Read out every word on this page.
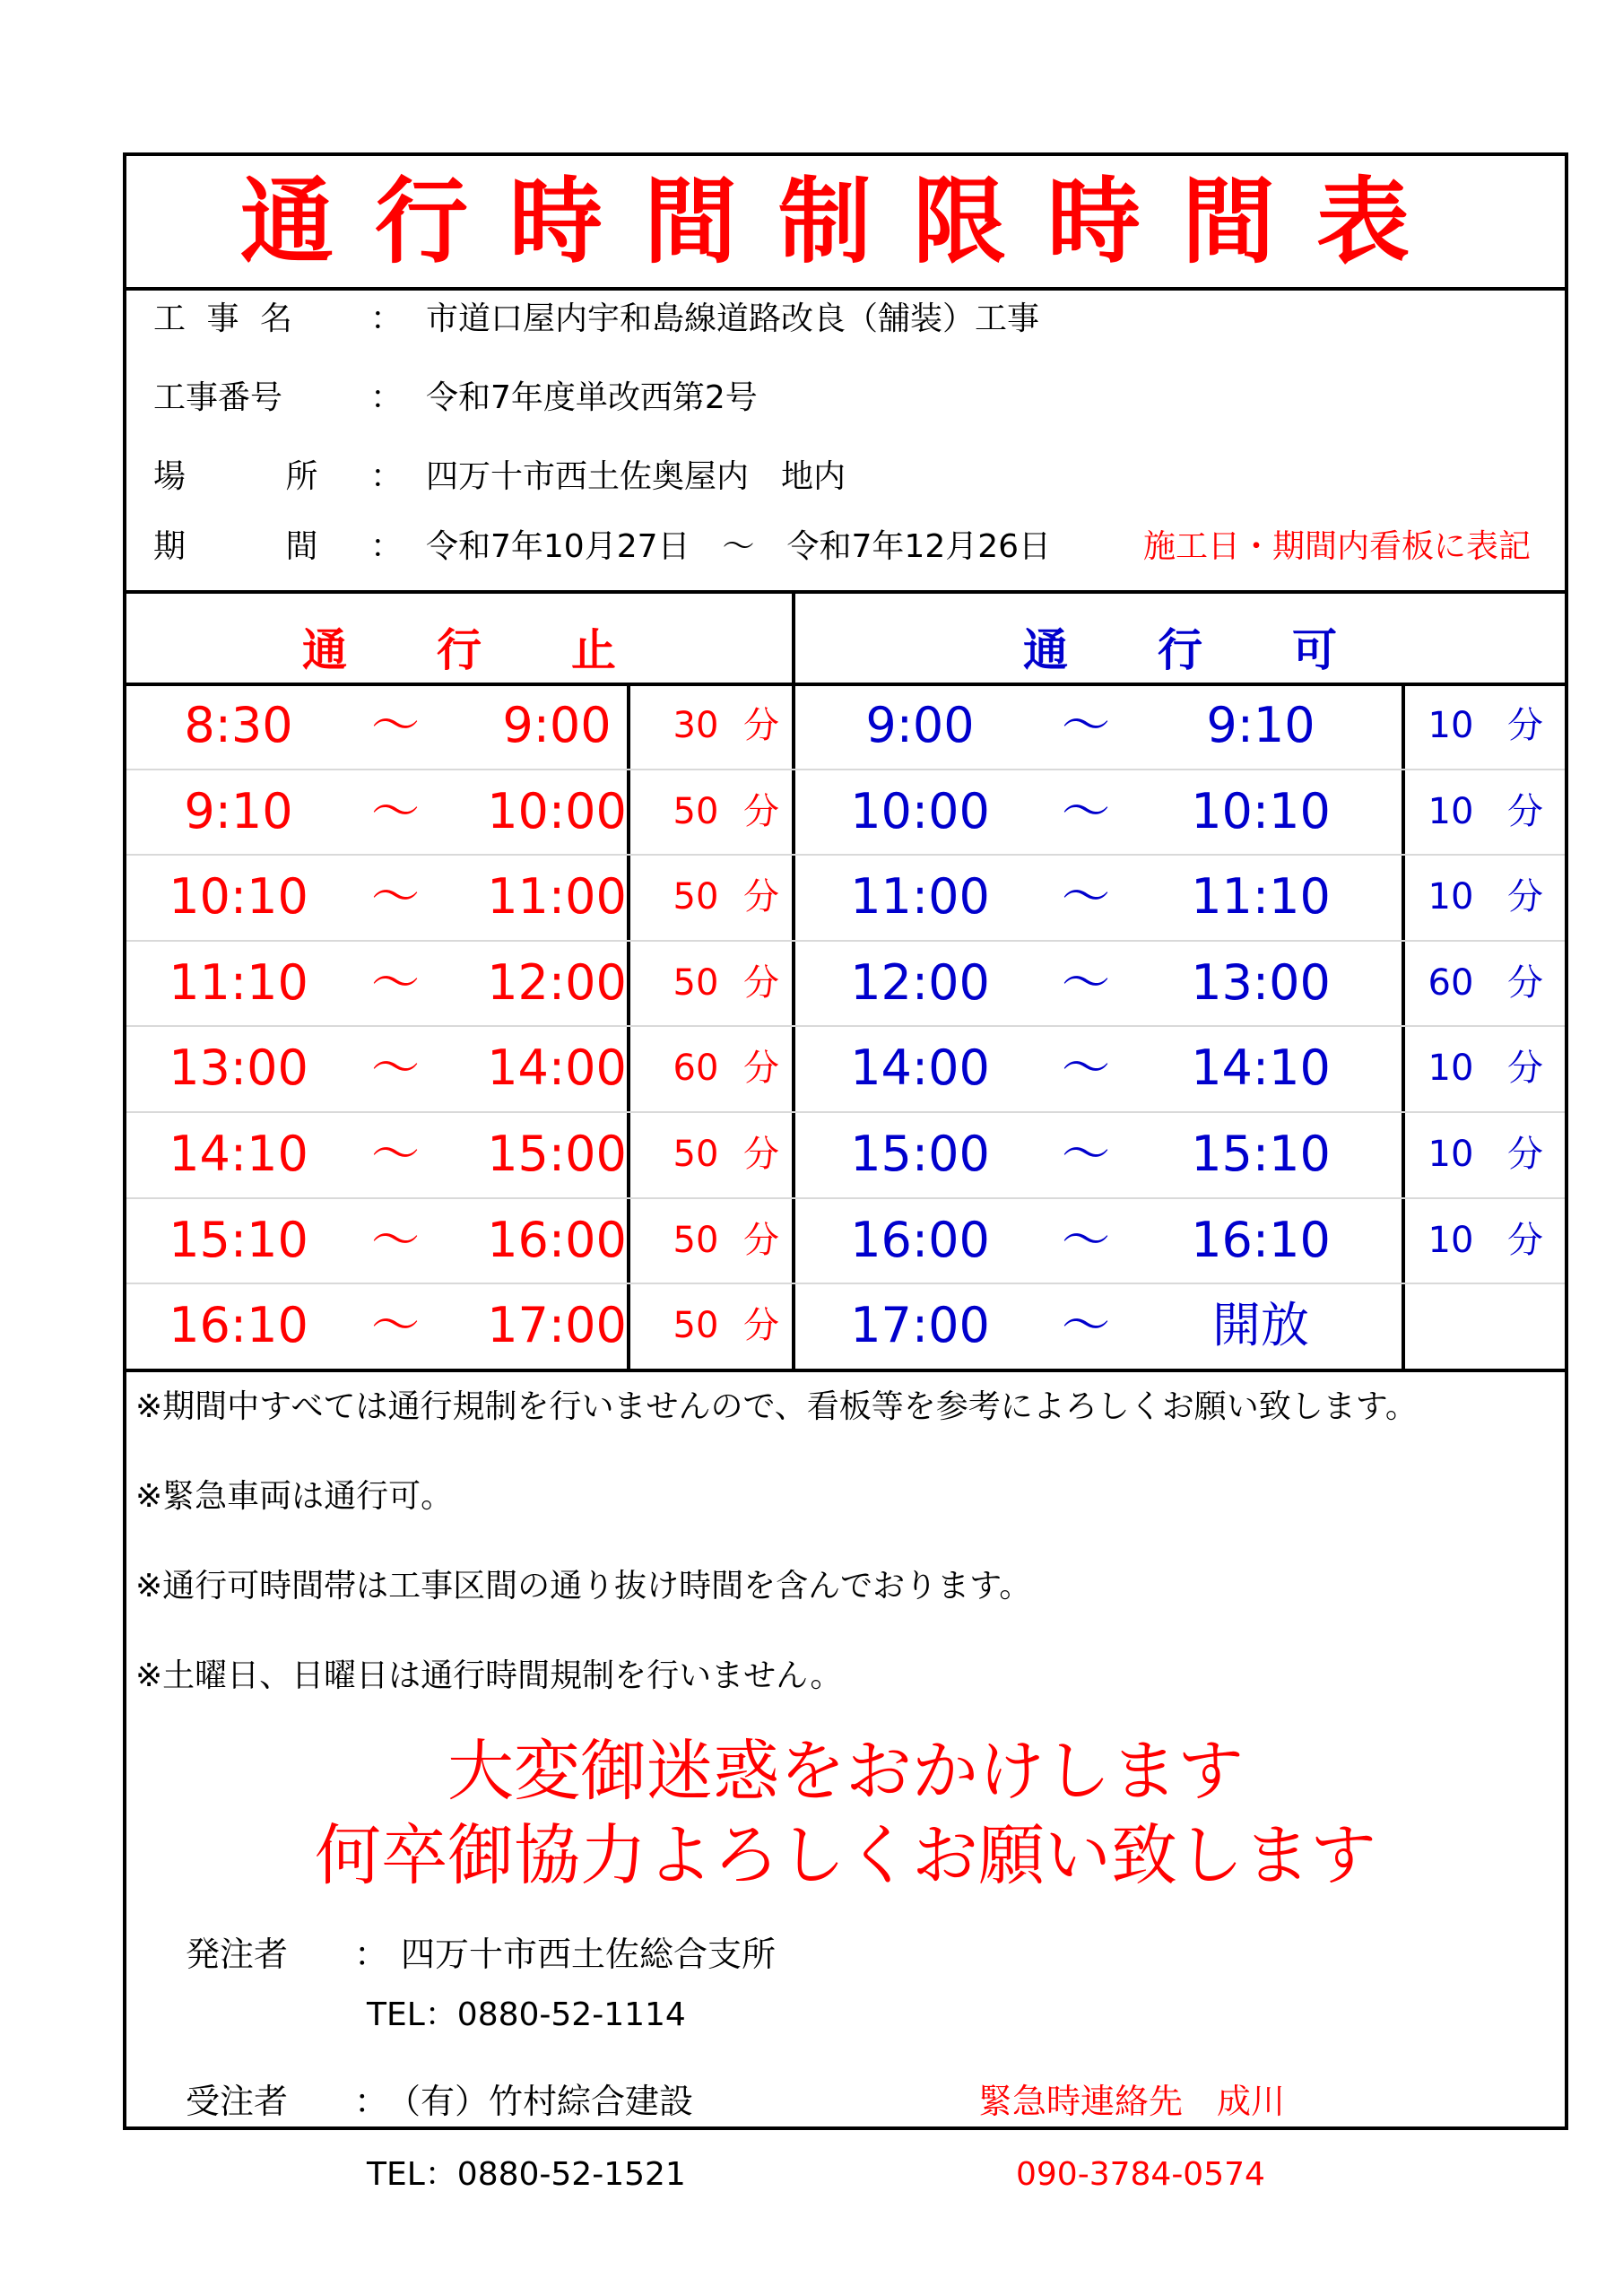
通行時間制限時間表
工 事 名	： 市道口屋内宇和島線道路改良（舗装）工事
工事番号	： 令和7年度単改西第2号
場 所 ： 四万十市西土佐奥屋内　地内
期 間 ： 令和7年10月27日　～　令和7年12月26日	施工日・期間内看板に表記
通　　行　　止	通　　行　　可
8:30	～	9:00	30 分	9:00	～	9:10	10 分
9:10	～	10:00	50 分	10:00	～	10:10	10 分
10:10	～	11:00	50 分	11:00	～	11:10	10 分
11:10	～	12:00	50 分	12:00	～	13:00	60 分
13:00	～	14:00	60 分	14:00	～	14:10	10 分
14:10	～	15:00	50 分	15:00	～	15:10	10 分
15:10	～	16:00	50 分	16:00	～	16:10	10 分
16:10	～	17:00	50 分	17:00	～	開放
※期間中すべては通行規制を行いませんので、看板等を参考によろしくお願い致します。
※緊急車両は通行可。
※通行可時間帯は工事区間の通り抜け時間を含んでおります。
※土曜日、日曜日は通行時間規制を行いません。
大変御迷惑をおかけします
何卒御協力よろしくお願い致します
発注者 ： 四万十市西土佐総合支所
TEL：0880-52-1114
受注者 ：
（有）竹村綜合建設
TEL：0880-52-1521
緊急時連絡先　成川
090-3784-0574
